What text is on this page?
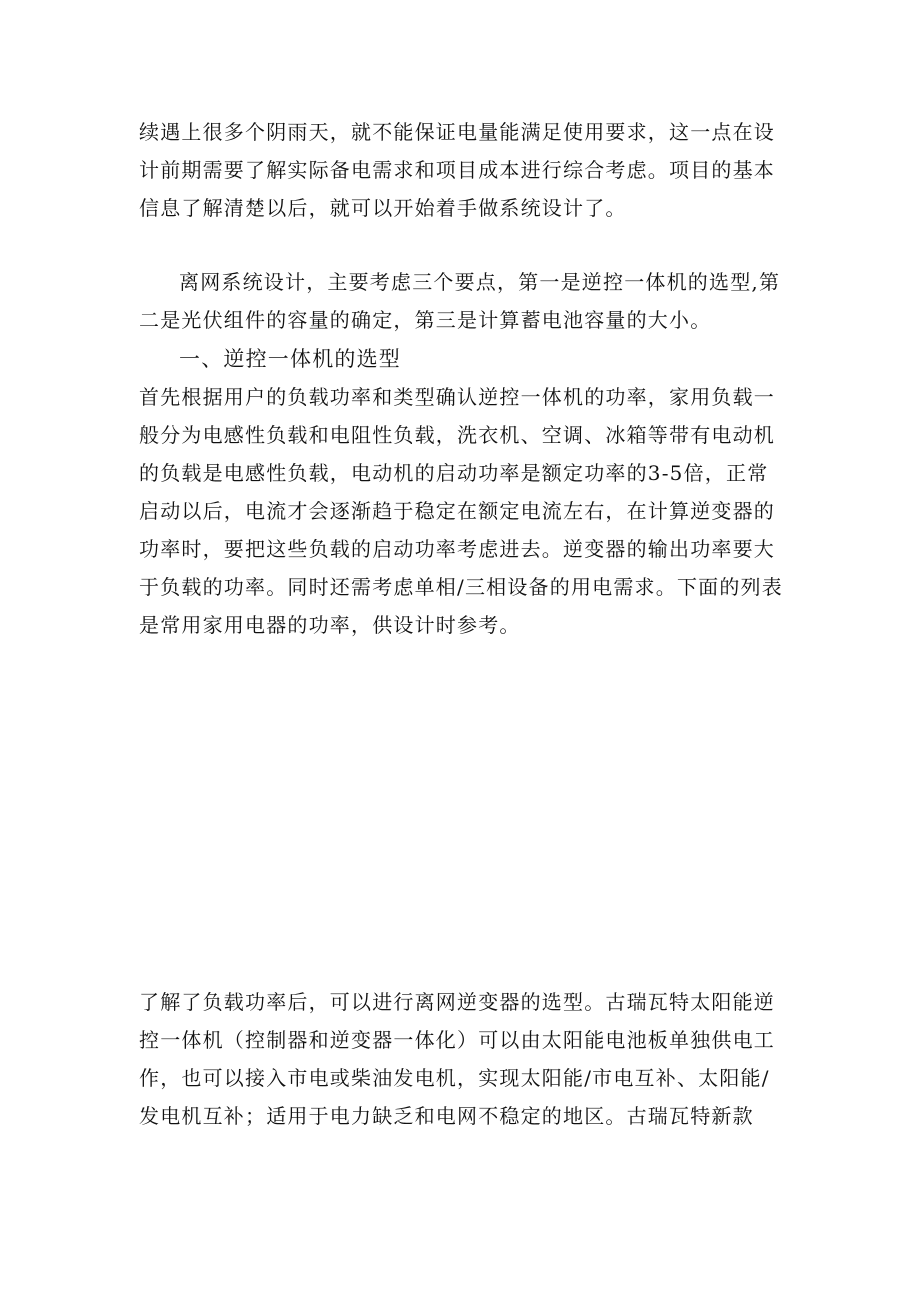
续遇上很多个阴雨天，就不能保证电量能满足使用要求，这一点在设计前期需要了解实际备电需求和项目成本进行综合考虑。项目的基本信息了解清楚以后，就可以开始着手做系统设计了。

离网系统设计，主要考虑三个要点，第一是逆控一体机的选型,第二是光伏组件的容量的确定，第三是计算蓄电池容量的大小。

一、逆控一体机的选型

首先根据用户的负载功率和类型确认逆控一体机的功率，家用负载一般分为电感性负载和电阻性负载，洗衣机、空调、冰箱等带有电动机的负载是电感性负载，电动机的启动功率是额定功率的3-5倍，正常启动以后，电流才会逐渐趋于稳定在额定电流左右，在计算逆变器的功率时，要把这些负载的启动功率考虑进去。逆变器的输出功率要大于负载的功率。同时还需考虑单相/三相设备的用电需求。下面的列表是常用家用电器的功率，供设计时参考。

了解了负载功率后，可以进行离网逆变器的选型。古瑞瓦特太阳能逆控一体机（控制器和逆变器一体化）可以由太阳能电池板单独供电工作，也可以接入市电或柴油发电机，实现太阳能/市电互补、太阳能/发电机互补；适用于电力缺乏和电网不稳定的地区。古瑞瓦特新款
